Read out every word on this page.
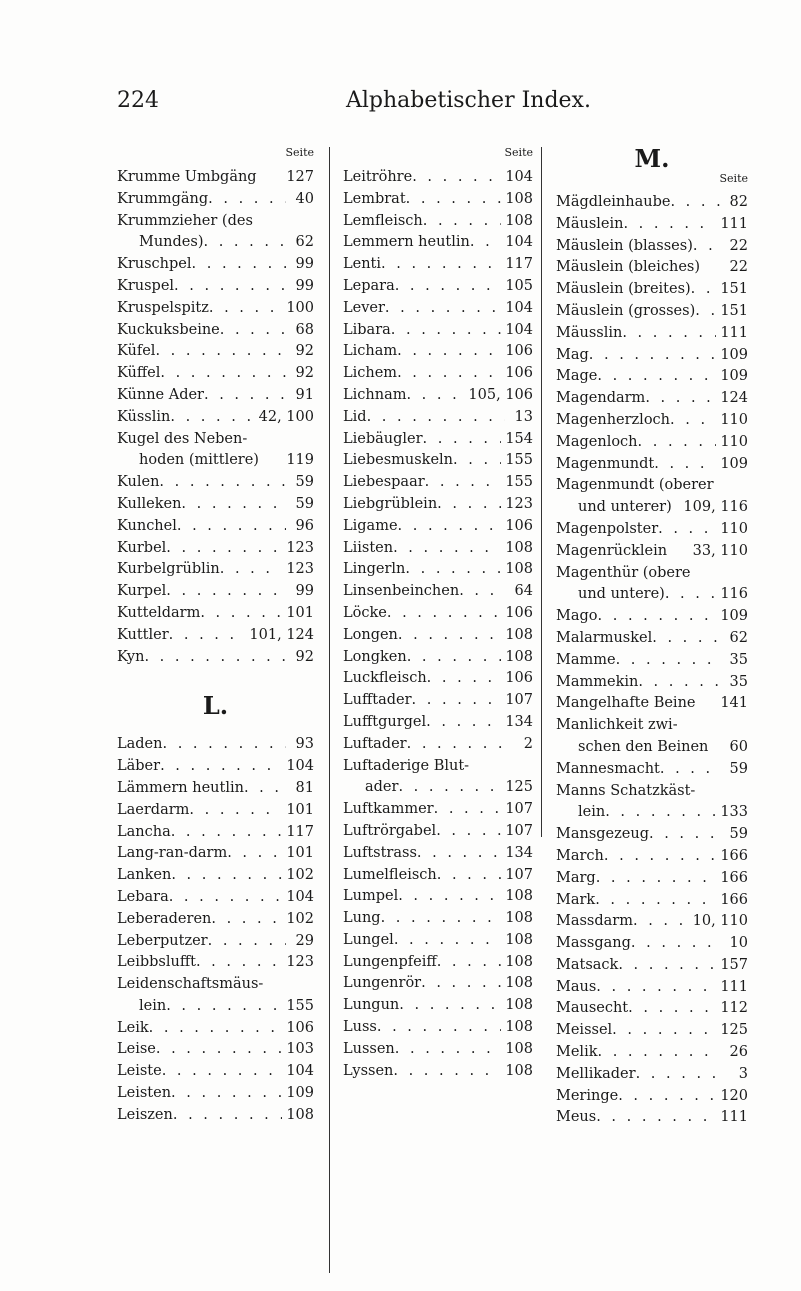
224	Alphabetischer Index.
Seite
Krumme Umbgäng 127
Krummgäng . . .	40
Krummzieher (des
Mundes) . . .	62
Kruschpel . . .	99
Kruspel . . .	99
Kruspelspitz . . .	100
Kuckuksbeine . . .	68
Küfel . . .	92
Küffel . . .	92
Künne Ader . . .	91
Küsslin . . .	42, 100
Kugel des Neben-
hoden (mittlere) 119
Kulen . . .	59
Kulleken . . .	59
Kunchel . . .	96
Kurbel . . .	123
Kurbelgrüblin . . .	123
Kurpel . . .	99
Kutteldarm . . .	101
Kuttler . . .	101, 124
Kyn . . .	92
L.
Laden . . .	93
Läber . . .	104
Lämmern heutlin . . .	81
Laerdarm . . .	101
Lancha . . .	117
Lang-ran-darm . . .	101
Lanken . . .	102
Lebara . . .	104
Leberaderen . . .	102
Leberputzer . . .	29
Leibbslufft . . .	123
Leidenschaftsmäus-
lein . . .	155
Leik . . .	106
Leise . . .	103
Leiste . . .	104
Leisten . . .	109
Leiszen . . .	108
Seite
Leitröhre . . .	104
Lembrat . . .	108
Lemfleisch . . .	108
Lemmern heutlin . . . 104
Lenti . . .	117
Lepara . . .	105
Lever . . .	104
Libara . . .	104
Licham . . .	106
Lichem . . .	106
Lichnam . . .	105, 106
Lid . . .	13
Liebäugler . . .	154
Liebesmuskeln . . .	155
Liebespaar . . .	155
Liebgrüblein . . .	123
Ligame . . .	106
Liisten . . .	108
Lingerln . . .	108
Linsenbeinchen . . .	64
Löcke . . .	106
Longen . . .	108
Longken . . .	108
Luckfleisch . . .	106
Lufftader . . .	107
Lufftgurgel . . .	134
Luftader . . .	2
Luftaderige Blut-
ader . . .	125
Luftkammer . . .	107
Luftrörgabel . . .	107
Luftstrass . . .	134
Lumelfleisch . . .	107
Lumpel . . .	108
Lung . . .	108
Lungel . . .	108
Lungenpfeiff . . .	108
Lungenrör . . .	108
Lungun . . .	108
Luss . . .	108
Lussen . . .	108
Lyssen . . .	108
M.
Seite
Mägdleinhaube . . .	82
Mäuslein . . .	111
Mäuslein (blasses) . . .	22
Mäuslein (bleiches)	22
Mäuslein (breites) . . . 151
Mäuslein (grosses) . . . 151
Mäusslin . . .	111
Mag . . .	109
Mage . . .	109
Magendarm . . .	124
Magenherzloch . . .	110
Magenloch . . .	110
Magenmundt . . .	109
Magenmundt (oberer
und unterer) 109, 116
Magenpolster . . .	110
Magenrücklein 33, 110
Magenthür (obere
und untere) . . .	116
Mago . . .	109
Malarmuskel . . .	62
Mamme . . .	35
Mammekin . . .	35
Mangelhafte Beine 141
Manlichkeit zwi-
schen den Beinen	60
Mannesmacht . . .	59
Manns Schatzkäst-
lein . . .	133
Mansgezeug . . .	59
March . . .	166
Marg . . .	166
Mark . . .	166
Massdarm . . .	10, 110
Massgang . . .	10
Matsack . . .	157
Maus . . .	111
Mausecht . . .	112
Meissel . . .	125
Melik . . .	26
Mellikader . . .	3
Meringe . . .	120
Meus . . .	111
